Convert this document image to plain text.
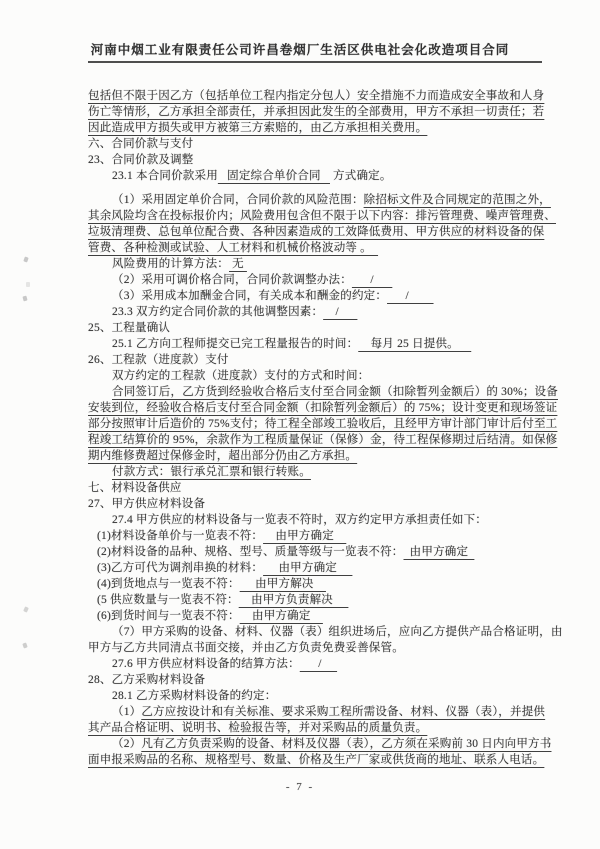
河南中烟工业有限责任公司许昌卷烟厂生活区供电社会化改造项目合同
包括但不限于因乙方（包括单位工程内指定分包人）安全措施不力而造成安全事故和人身
伤亡等情形，乙方承担全部责任，并承担因此发生的全部费用，甲方不承担一切责任；若
因此造成甲方损失或甲方被第三方索赔的，由乙方承担相关费用。
六、合同价款与支付
23、合同价款及调整
23.1 本合同价款采用   固定综合单价合同    方式确定。
（1）采用固定单价合同，合同价款的风险范围：除招标文件及合同规定的范围之外，
其余风险均含在投标报价内；风险费用包含但不限于以下内容：排污管理费、噪声管理费、
垃圾清理费、总包单位配合费、各种因素造成的工效降低费用、甲方供应的材料设备的保
管费、各种检测或试验、人工材料和机械价格波动等 。
风险费用的计算方法： 无
（2）采用可调价格合同，合同价款调整办法：      /
（3）采用成本加酬金合同，有关成本和酬金的约定：      /
23.3 双方约定合同价款的其他调整因素：    /
25、工程量确认
25.1 乙方向工程师提交已完工程量报告的时间：    每月 25 日提供。
26、工程款（进度款）支付
双方约定的工程款（进度款）支付的方式和时间：
合同签订后，乙方货到经验收合格后支付至合同金额（扣除暂列金额后）的 30%；设备
安装到位，经验收合格后支付至合同金额（扣除暂列金额后）的 75%；设计变更和现场签证
部分按照审计后造价的 75%支付；待工程全部竣工验收后，且经甲方审计部门审计后付至工
程竣工结算价的 95%，余款作为工程质量保证（保修）金，待工程保修期过后结清。如保修
期内维修费超过保修金时，超出部分仍由乙方承担。
付款方式：银行承兑汇票和银行转账。
七、材料设备供应
27、甲方供应材料设备
27.4 甲方供应的材料设备与一览表不符时，双方约定甲方承担责任如下：
(1)材料设备单价与一览表不符：    由甲方确定
(2)材料设备的品种、规格、型号、质量等级与一览表不符：  由甲方确定
(3)乙方可代为调剂串换的材料：     由甲方确定
(4)到货地点与一览表不符：     由甲方解决
(5 供应数量与一览表不符：    由甲方负责解决
(6)到货时间与一览表不符：    由甲方确定
（7）甲方采购的设备、材料、仪器（表）组织进场后，应向乙方提供产品合格证明，由
甲方与乙方共同清点书面交接，并由乙方负责免费妥善保管。
27.6 甲方供应材料设备的结算方法：      /
28、乙方采购材料设备
28.1 乙方采购材料设备的约定：
（1）乙方应按设计和有关标准、要求采购工程所需设备、材料、仪器（表），并提供
其产品合格证明、说明书、检验报告等，并对采购品的质量负责。
（2）凡有乙方负责采购的设备、材料及仪器（表），乙方须在采购前 30 日内向甲方书
面申报采购品的名称、规格型号、数量、价格及生产厂家或供货商的地址、联系人电话。
- 7 -
